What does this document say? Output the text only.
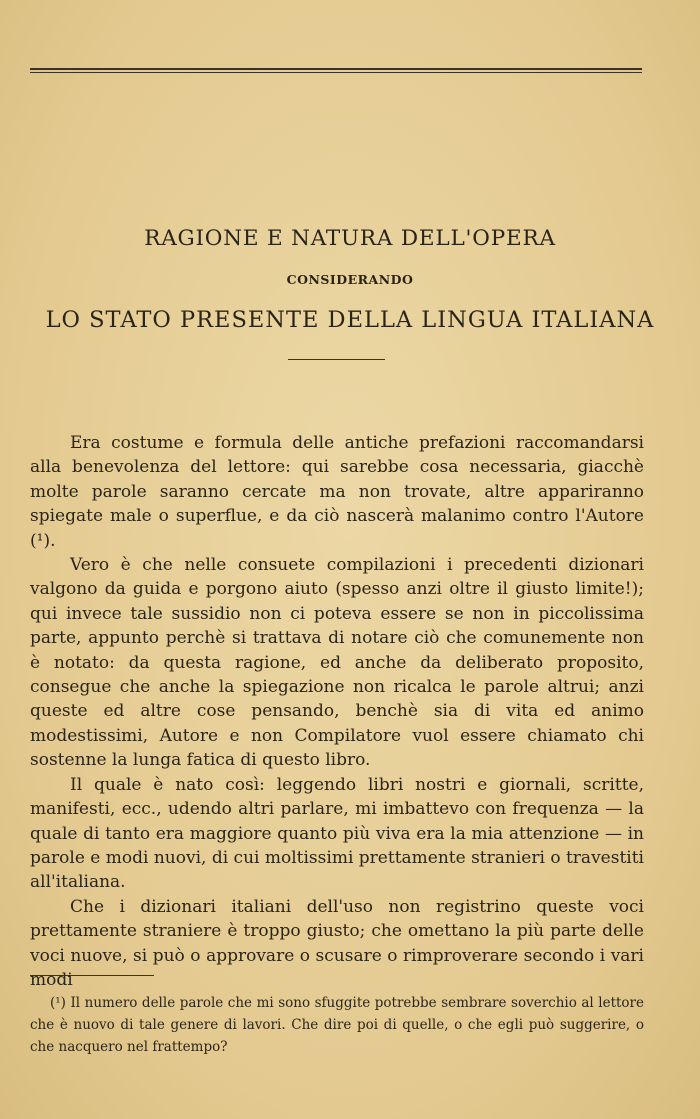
RAGIONE E NATURA DELL'OPERA
CONSIDERANDO
LO STATO PRESENTE DELLA LINGUA ITALIANA

Era costume e formula delle antiche prefazioni raccomandarsi alla benevolenza del lettore: qui sarebbe cosa necessaria, giacchè molte parole saranno cercate ma non trovate, altre appariranno spiegate male o superflue, e da ciò nascerà malanimo contro l'Autore (¹).

Vero è che nelle consuete compilazioni i precedenti dizionari valgono da guida e porgono aiuto (spesso anzi oltre il giusto limite!); qui invece tale sussidio non ci poteva essere se non in piccolissima parte, appunto perchè si trattava di notare ciò che comunemente non è notato: da questa ragione, ed anche da deliberato proposito, consegue che anche la spiegazione non ricalca le parole altrui; anzi queste ed altre cose pensando, benchè sia di vita ed animo modestissimi, Autore e non Compilatore vuol essere chiamato chi sostenne la lunga fatica di questo libro.

Il quale è nato così: leggendo libri nostri e giornali, scritte, manifesti, ecc., udendo altri parlare, mi imbattevo con frequenza — la quale di tanto era maggiore quanto più viva era la mia attenzione — in parole e modi nuovi, di cui moltissimi prettamente stranieri o travestiti all'italiana.

Che i dizionari italiani dell'uso non registrino queste voci prettamente straniere è troppo giusto; che omettano la più parte delle voci nuove, si può o approvare o scusare o rimproverare secondo i vari modi

(¹) Il numero delle parole che mi sono sfuggite potrebbe sembrare soverchio al lettore che è nuovo di tale genere di lavori. Che dire poi di quelle, o che egli può suggerire, o che nacquero nel frattempo?
